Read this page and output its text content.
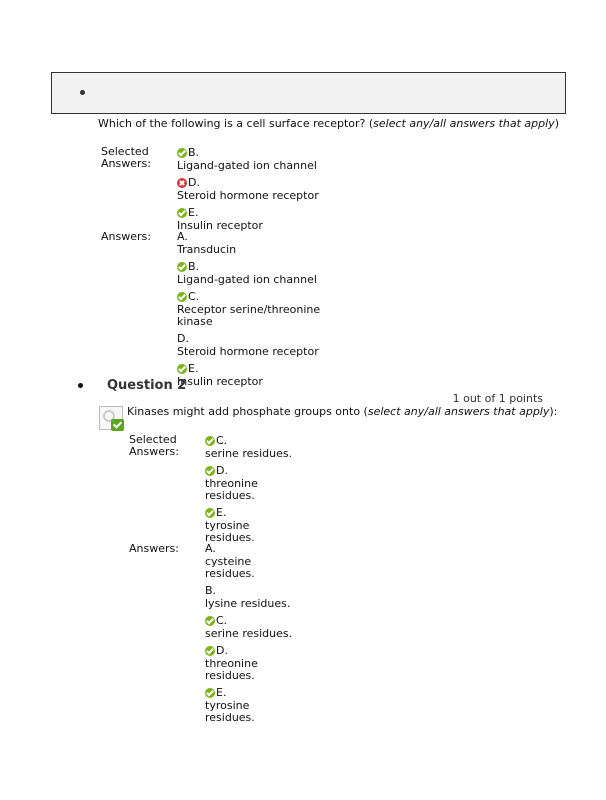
Which of the following is a cell surface receptor? (select any/all answers that apply)
Selected
Answers:
B.
Ligand-gated ion channel
D.
Steroid hormone receptor
E.
Insulin receptor
Answers: A.
Transducin
B.
Ligand-gated ion channel
C.
Receptor serine/threonine kinase
D.
Steroid hormone receptor
E.
Insulin receptor
Question 2
1 out of 1 points
Kinases might add phosphate groups onto (select any/all answers that apply):
Selected
Answers:
C.
serine residues.
D.
threonine residues.
E.
tyrosine residues.
Answers: A.
cysteine residues.
B.
lysine residues.
C.
serine residues.
D.
threonine residues.
E.
tyrosine residues.
